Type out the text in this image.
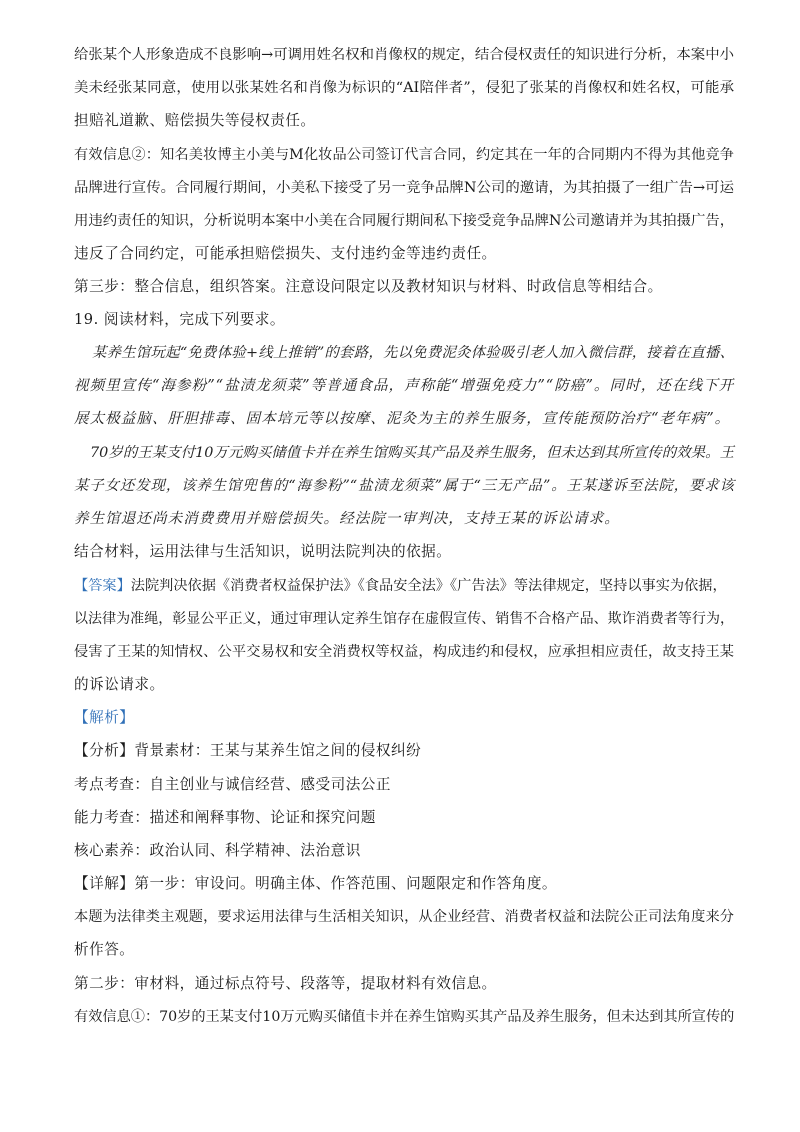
给张某个人形象造成不良影响→可调用姓名权和肖像权的规定，结合侵权责任的知识进行分析，本案中小
美未经张某同意，使用以张某姓名和肖像为标识的“AI陪伴者”，侵犯了张某的肖像权和姓名权，可能承
担赔礼道歉、赔偿损失等侵权责任。
有效信息②：知名美妆博主小美与M化妆品公司签订代言合同，约定其在一年的合同期内不得为其他竞争
品牌进行宣传。合同履行期间，小美私下接受了另一竞争品牌N公司的邀请，为其拍摄了一组广告→可运
用违约责任的知识，分析说明本案中小美在合同履行期间私下接受竞争品牌N公司邀请并为其拍摄广告，
违反了合同约定，可能承担赔偿损失、支付违约金等违约责任。
第三步：整合信息，组织答案。注意设问限定以及教材知识与材料、时政信息等相结合。
19. 阅读材料，完成下列要求。
某养生馆玩起“免费体验+线上推销”的套路，先以免费泥灸体验吸引老人加入微信群，接着在直播、
视频里宣传“海参粉”“盐渍龙须菜”等普通食品，声称能“增强免疫力”“防癌”。同时，还在线下开
展太极益脑、肝胆排毒、固本培元等以按摩、泥灸为主的养生服务，宣传能预防治疗“老年病”。
70岁的王某支付10万元购买储值卡并在养生馆购买其产品及养生服务，但未达到其所宣传的效果。王
某子女还发现，该养生馆兜售的“海参粉”“盐渍龙须菜”属于“三无产品”。王某遂诉至法院，要求该
养生馆退还尚未消费费用并赔偿损失。经法院一审判决，支持王某的诉讼请求。
结合材料，运用法律与生活知识，说明法院判决的依据。
【答案】法院判决依据《消费者权益保护法》《食品安全法》《广告法》等法律规定，坚持以事实为依据，
以法律为准绳，彰显公平正义，通过审理认定养生馆存在虚假宣传、销售不合格产品、欺诈消费者等行为，
侵害了王某的知情权、公平交易权和安全消费权等权益，构成违约和侵权，应承担相应责任，故支持王某
的诉讼请求。
【解析】
【分析】背景素材：王某与某养生馆之间的侵权纠纷
考点考查：自主创业与诚信经营、感受司法公正
能力考查：描述和阐释事物、论证和探究问题
核心素养：政治认同、科学精神、法治意识
【详解】第一步：审设问。明确主体、作答范围、问题限定和作答角度。
本题为法律类主观题，要求运用法律与生活相关知识，从企业经营、消费者权益和法院公正司法角度来分
析作答。
第二步：审材料，通过标点符号、段落等，提取材料有效信息。
有效信息①：70岁的王某支付10万元购买储值卡并在养生馆购买其产品及养生服务，但未达到其所宣传的
